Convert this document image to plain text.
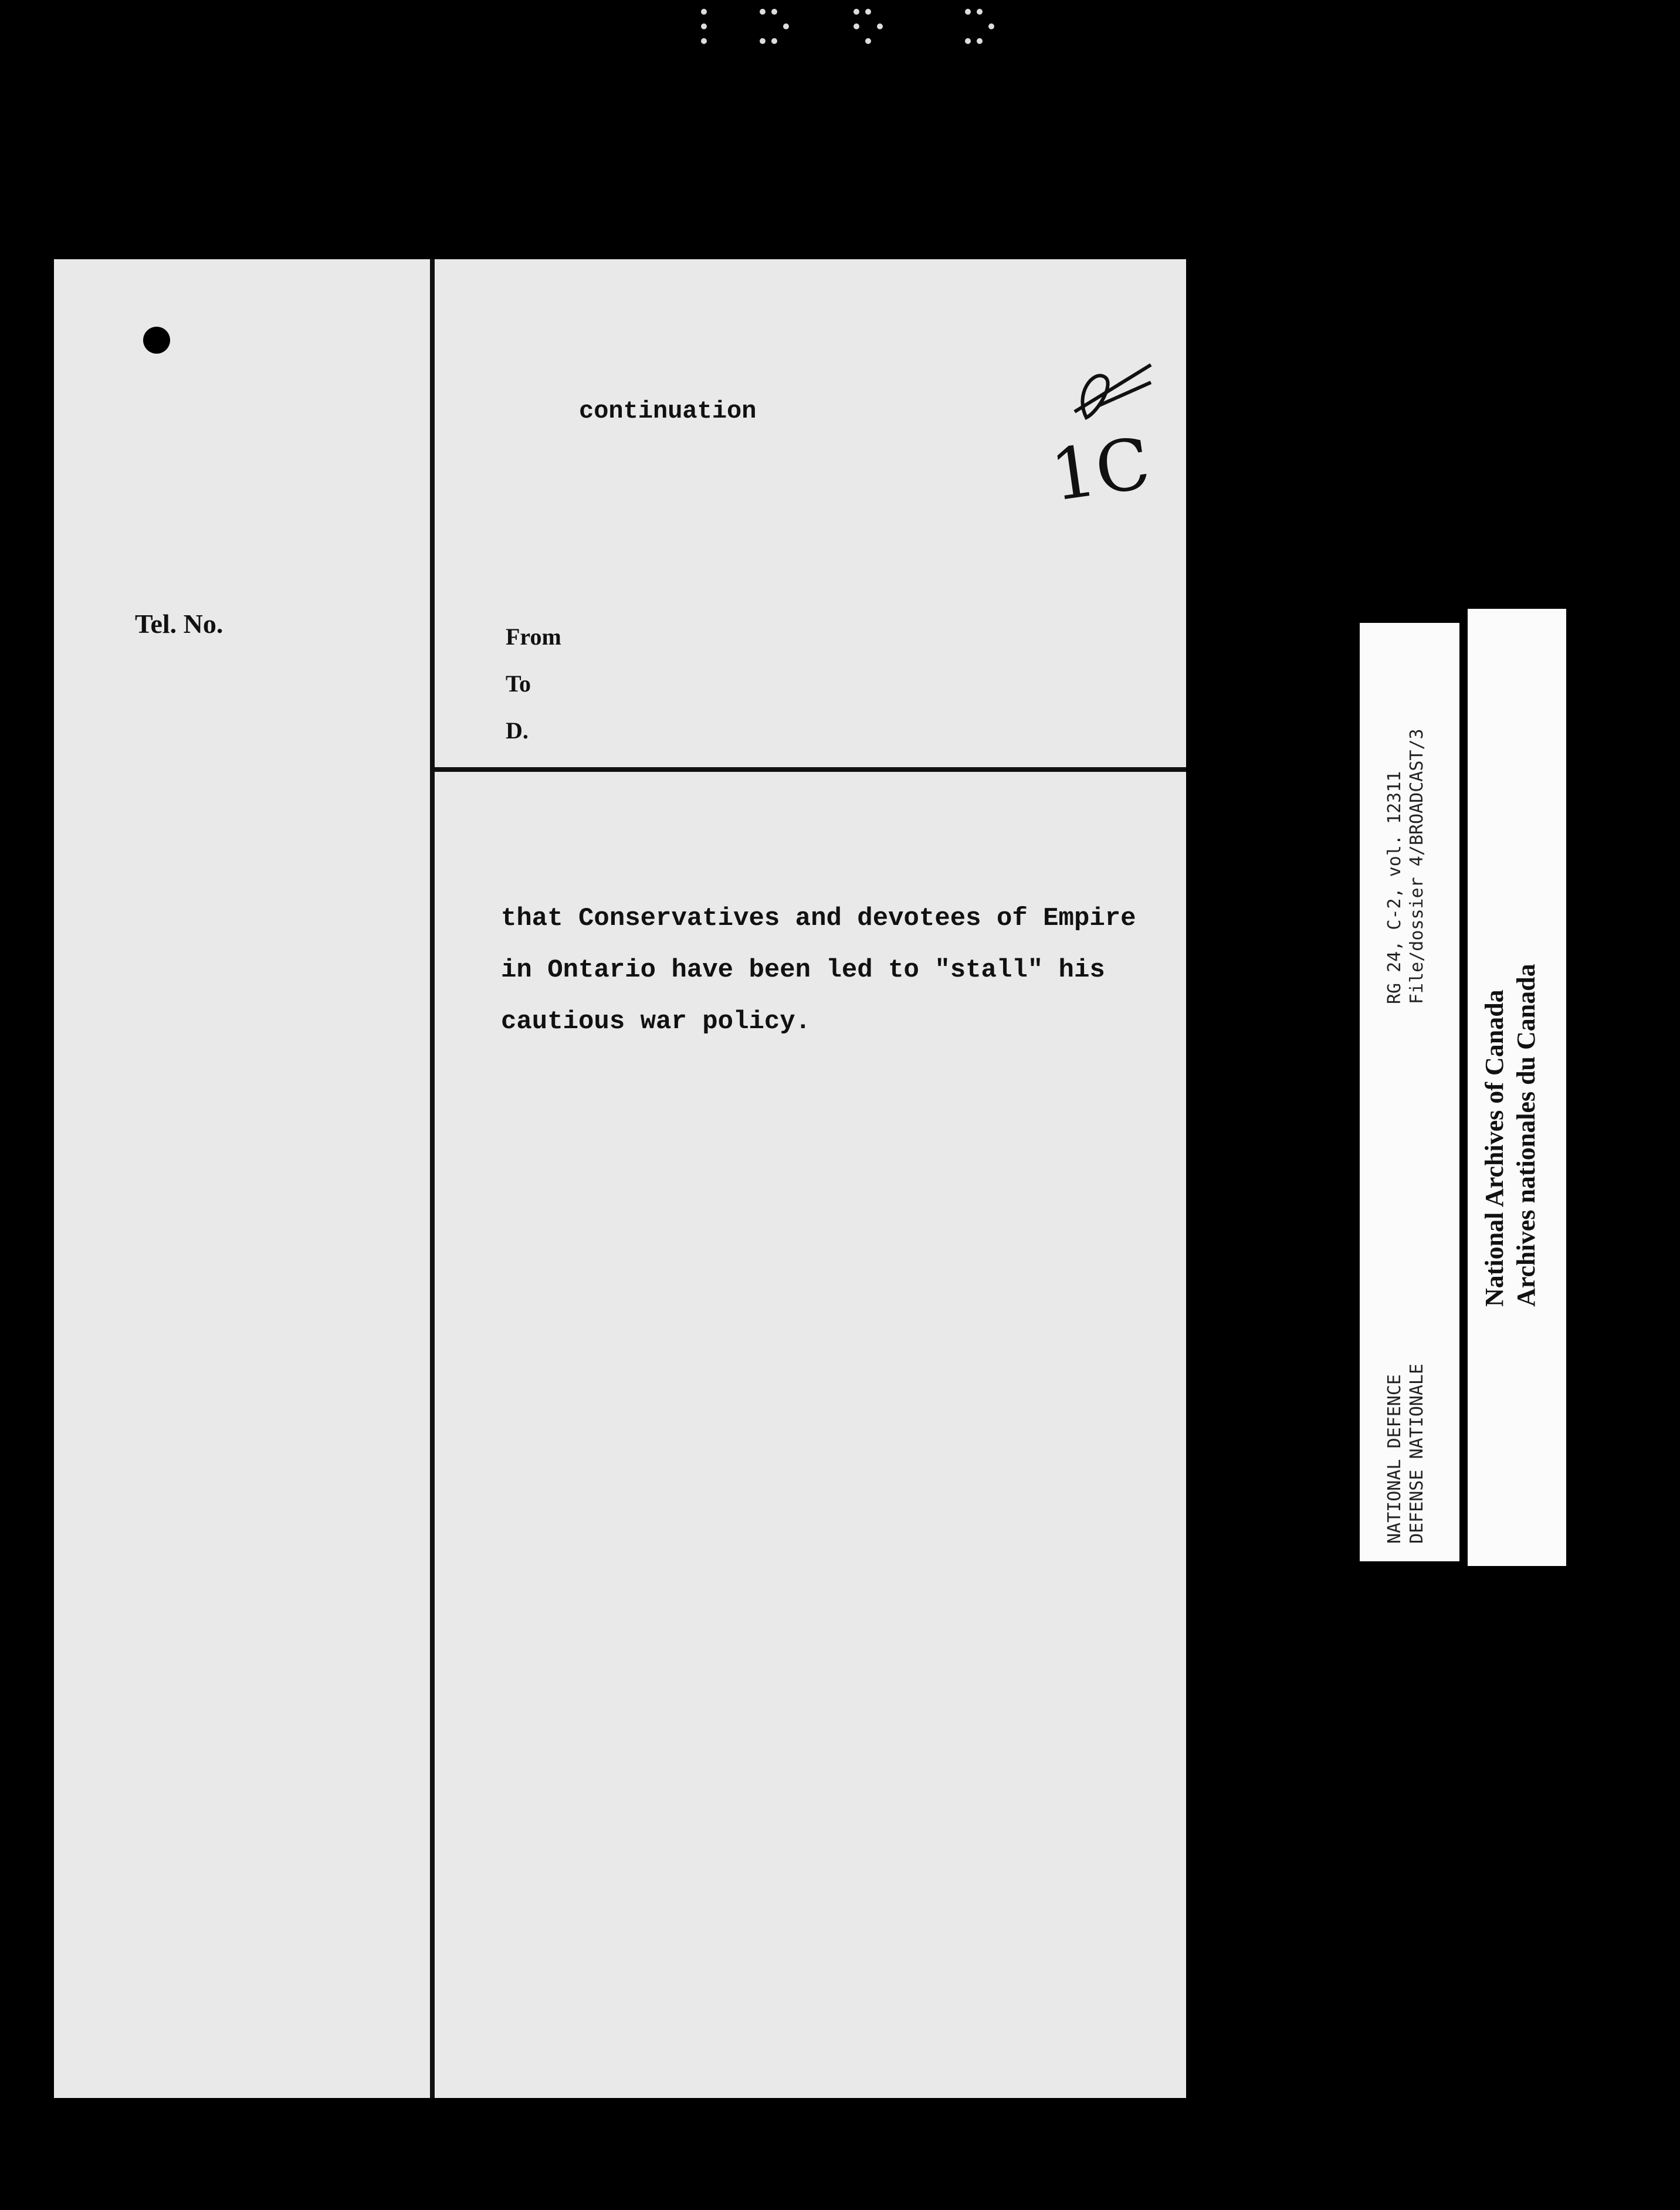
Tel. No.	From
To
D.
continuation
1C
that Conservatives and devotees of Empire
in Ontario have been led to "stall" his
cautious war policy.
NATIONAL DEFENCE DEFENSE NATIONALE
RG 24, C-2, vol. 12311 File/dossier 4/BROADCAST/3
National Archives of Canada Archives nationales du Canada
